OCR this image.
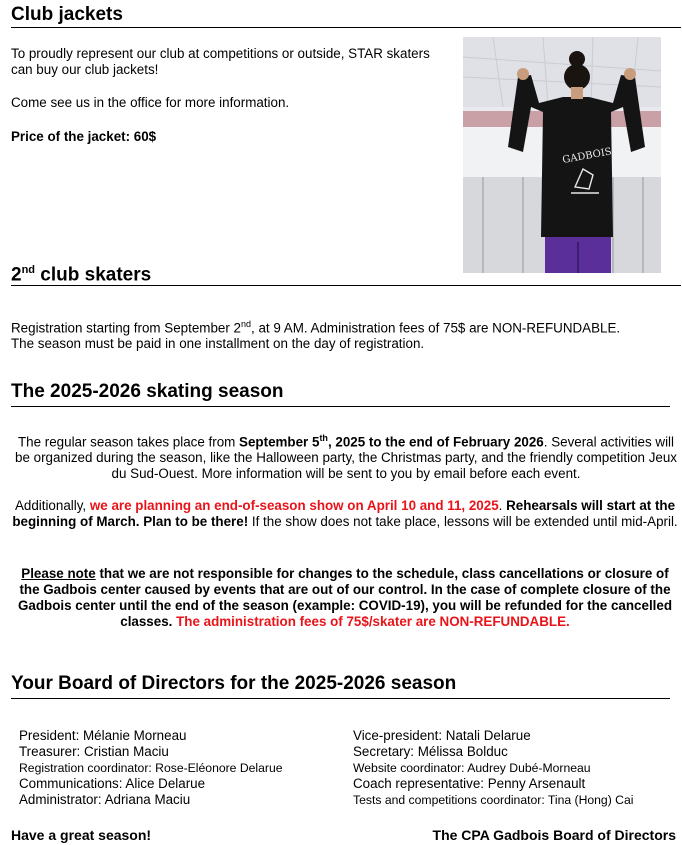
Club jackets

To proudly represent our club at competitions or outside, STAR skaters can buy our club jackets!

Come see us in the office for more information.

Price of the jacket: 60$

GADBOIS
2nd club skaters

Registration starting from September 2nd, at 9 AM. Administration fees of 75$ are NON-REFUNDABLE.
The season must be paid in one installment on the day of registration.

The 2025-2026 skating season

The regular season takes place from September 5th, 2025 to the end of February 2026. Several activities will be organized during the season, like the Halloween party, the Christmas party, and the friendly competition Jeux du Sud-Ouest. More information will be sent to you by email before each event.

Additionally, we are planning an end-of-season show on April 10 and 11, 2025. Rehearsals will start at the beginning of March. Plan to be there! If the show does not take place, lessons will be extended until mid-April.

Please note that we are not responsible for changes to the schedule, class cancellations or closure of the Gadbois center caused by events that are out of our control. In the case of complete closure of the Gadbois center until the end of the season (example: COVID-19), you will be refunded for the cancelled classes. The administration fees of 75$/skater are NON-REFUNDABLE.

Your Board of Directors for the 2025-2026 season
President: Mélanie Morneau
Treasurer: Cristian Maciu
Registration coordinator: Rose-Eléonore Delarue
Communications: Alice Delarue
Administrator: Adriana Maciu
Vice-president: Natali Delarue
Secretary: Mélissa Bolduc
Website coordinator: Audrey Dubé-Morneau
Coach representative: Penny Arsenault
Tests and competitions coordinator: Tina (Hong) Cai

Have a great season!	The CPA Gadbois Board of Directors
